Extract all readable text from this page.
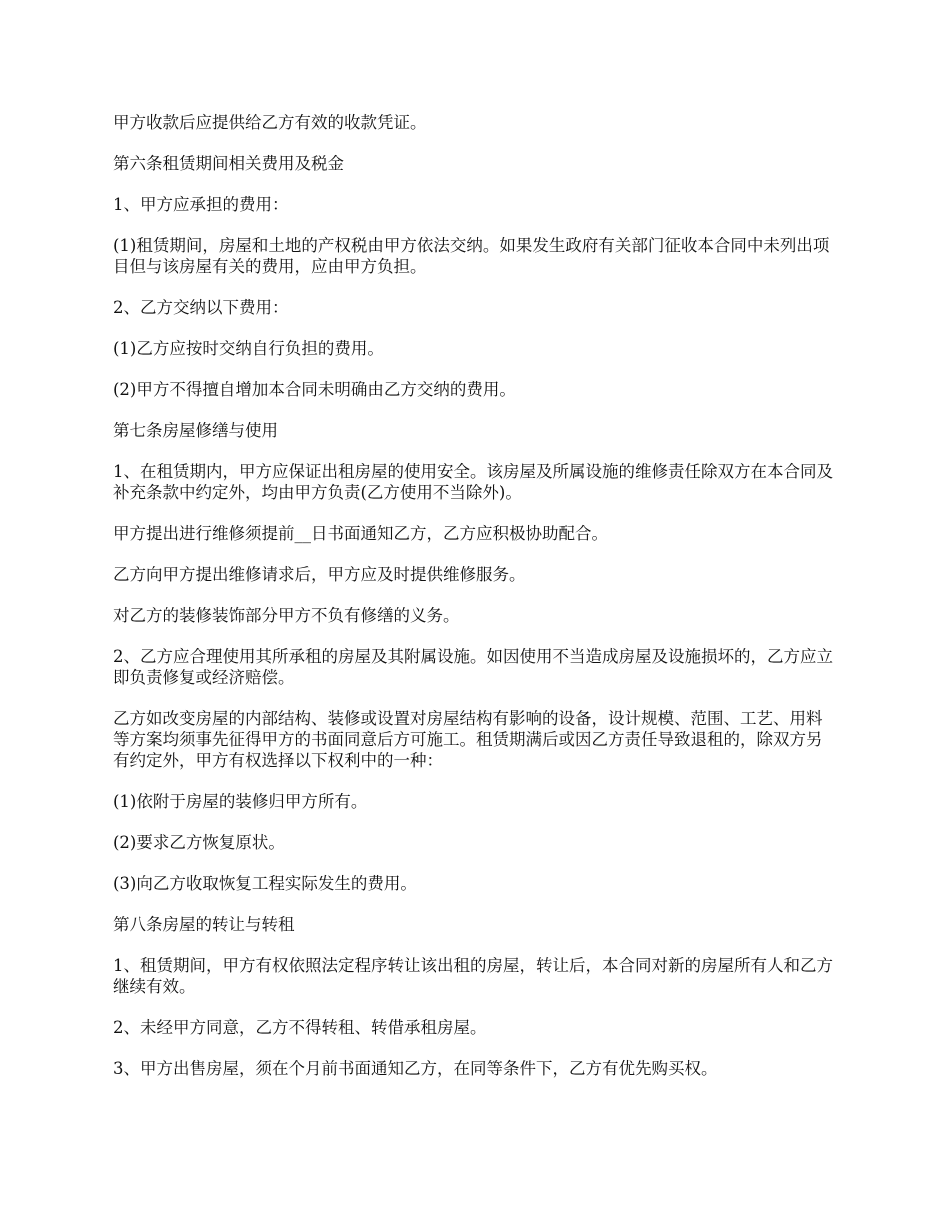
甲方收款后应提供给乙方有效的收款凭证。

第六条租赁期间相关费用及税金

1、甲方应承担的费用：

(1)租赁期间，房屋和土地的产权税由甲方依法交纳。如果发生政府有关部门征收本合同中未列出项目但与该房屋有关的费用，应由甲方负担。

2、乙方交纳以下费用：

(1)乙方应按时交纳自行负担的费用。

(2)甲方不得擅自增加本合同未明确由乙方交纳的费用。

第七条房屋修缮与使用

1、在租赁期内，甲方应保证出租房屋的使用安全。该房屋及所属设施的维修责任除双方在本合同及补充条款中约定外，均由甲方负责(乙方使用不当除外)。

甲方提出进行维修须提前__日书面通知乙方，乙方应积极协助配合。

乙方向甲方提出维修请求后，甲方应及时提供维修服务。

对乙方的装修装饰部分甲方不负有修缮的义务。

2、乙方应合理使用其所承租的房屋及其附属设施。如因使用不当造成房屋及设施损坏的，乙方应立即负责修复或经济赔偿。

乙方如改变房屋的内部结构、装修或设置对房屋结构有影响的设备，设计规模、范围、工艺、用料等方案均须事先征得甲方的书面同意后方可施工。租赁期满后或因乙方责任导致退租的，除双方另有约定外，甲方有权选择以下权利中的一种：

(1)依附于房屋的装修归甲方所有。

(2)要求乙方恢复原状。

(3)向乙方收取恢复工程实际发生的费用。

第八条房屋的转让与转租

1、租赁期间，甲方有权依照法定程序转让该出租的房屋，转让后，本合同对新的房屋所有人和乙方继续有效。

2、未经甲方同意，乙方不得转租、转借承租房屋。

3、甲方出售房屋，须在个月前书面通知乙方，在同等条件下，乙方有优先购买权。
